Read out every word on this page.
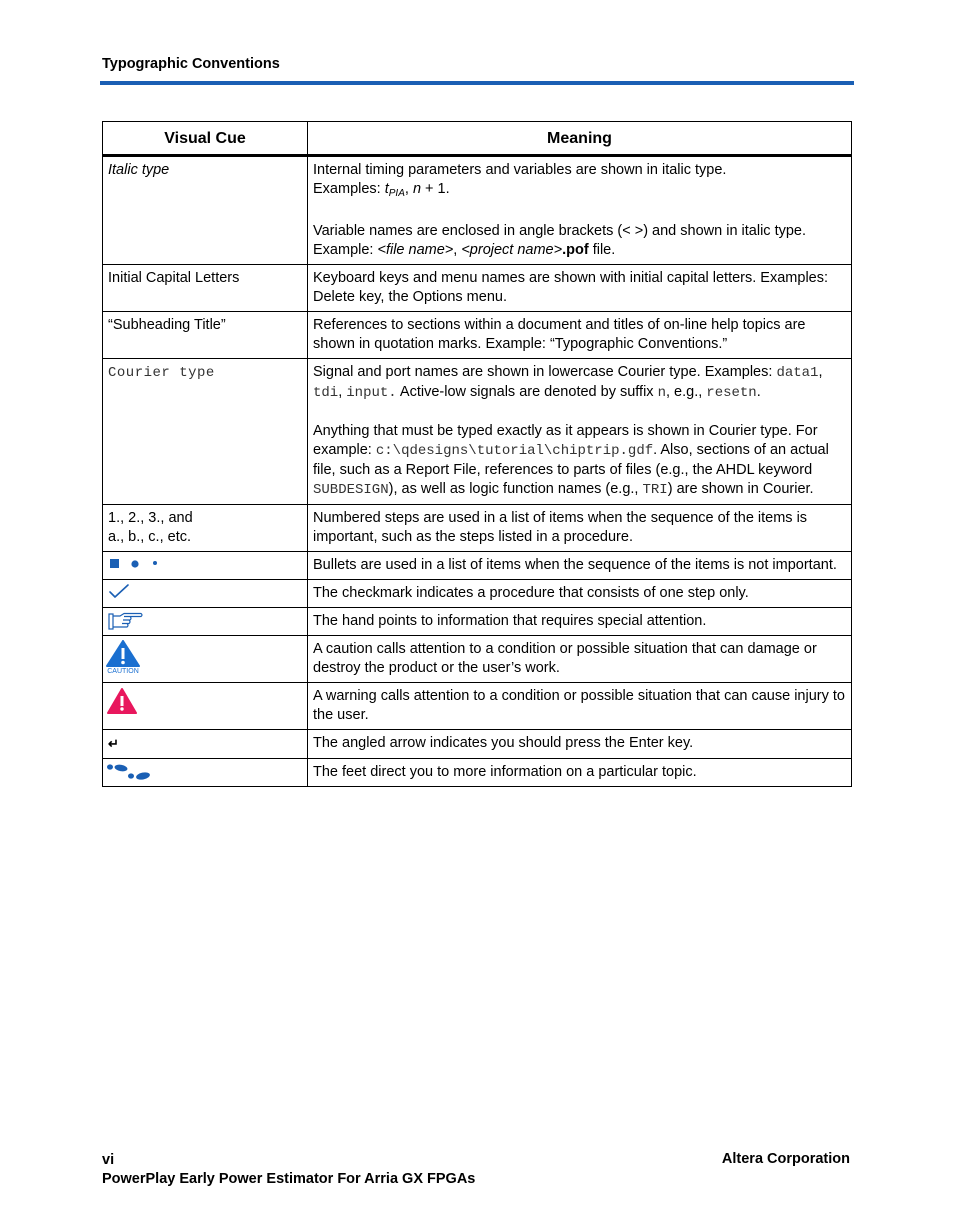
Typographic Conventions
Visual Cue	Meaning
Italic type	Internal timing parameters and variables are shown in italic type.
Examples: $t_{PIA}$, n + 1.
Variable names are enclosed in angle brackets (< >) and shown in italic type.
Example: <file name>, <project name>.pof file.

Initial Capital Letters	Keyboard keys and menu names are shown with initial capital letters. Examples: Delete key, the Options menu.
“Subheading Title”	References to sections within a document and titles of on-line help topics are shown in quotation marks. Example: “Typographic Conventions.”
Courier type	Signal and port names are shown in lowercase Courier type. Examples: data1, tdi, input. Active-low signals are denoted by suffix n, e.g., resetn.
Anything that must be typed exactly as it appears is shown in Courier type. For example: c:\qdesigns\tutorial\chiptrip.gdf. Also, sections of an actual file, such as a Report File, references to parts of files (e.g., the AHDL keyword SUBDESIGN), as well as logic function names (e.g., TRI) are shown in Courier.

1., 2., 3., and
a., b., c., etc.	Numbered steps are used in a list of items when the sequence of the items is important, such as the steps listed in a procedure.

	Bullets are used in a list of items when the sequence of the items is not important.

	The checkmark indicates a procedure that consists of one step only.

	The hand points to information that requires special attention.

CAUTION	A caution calls attention to a condition or possible situation that can damage or destroy the product or the user’s work.

	A warning calls attention to a condition or possible situation that can cause injury to the user.
↵	The angled arrow indicates you should press the Enter key.

	The feet direct you to more information on a particular topic.
vi
PowerPlay Early Power Estimator For Arria GX FPGAs
Altera Corporation
